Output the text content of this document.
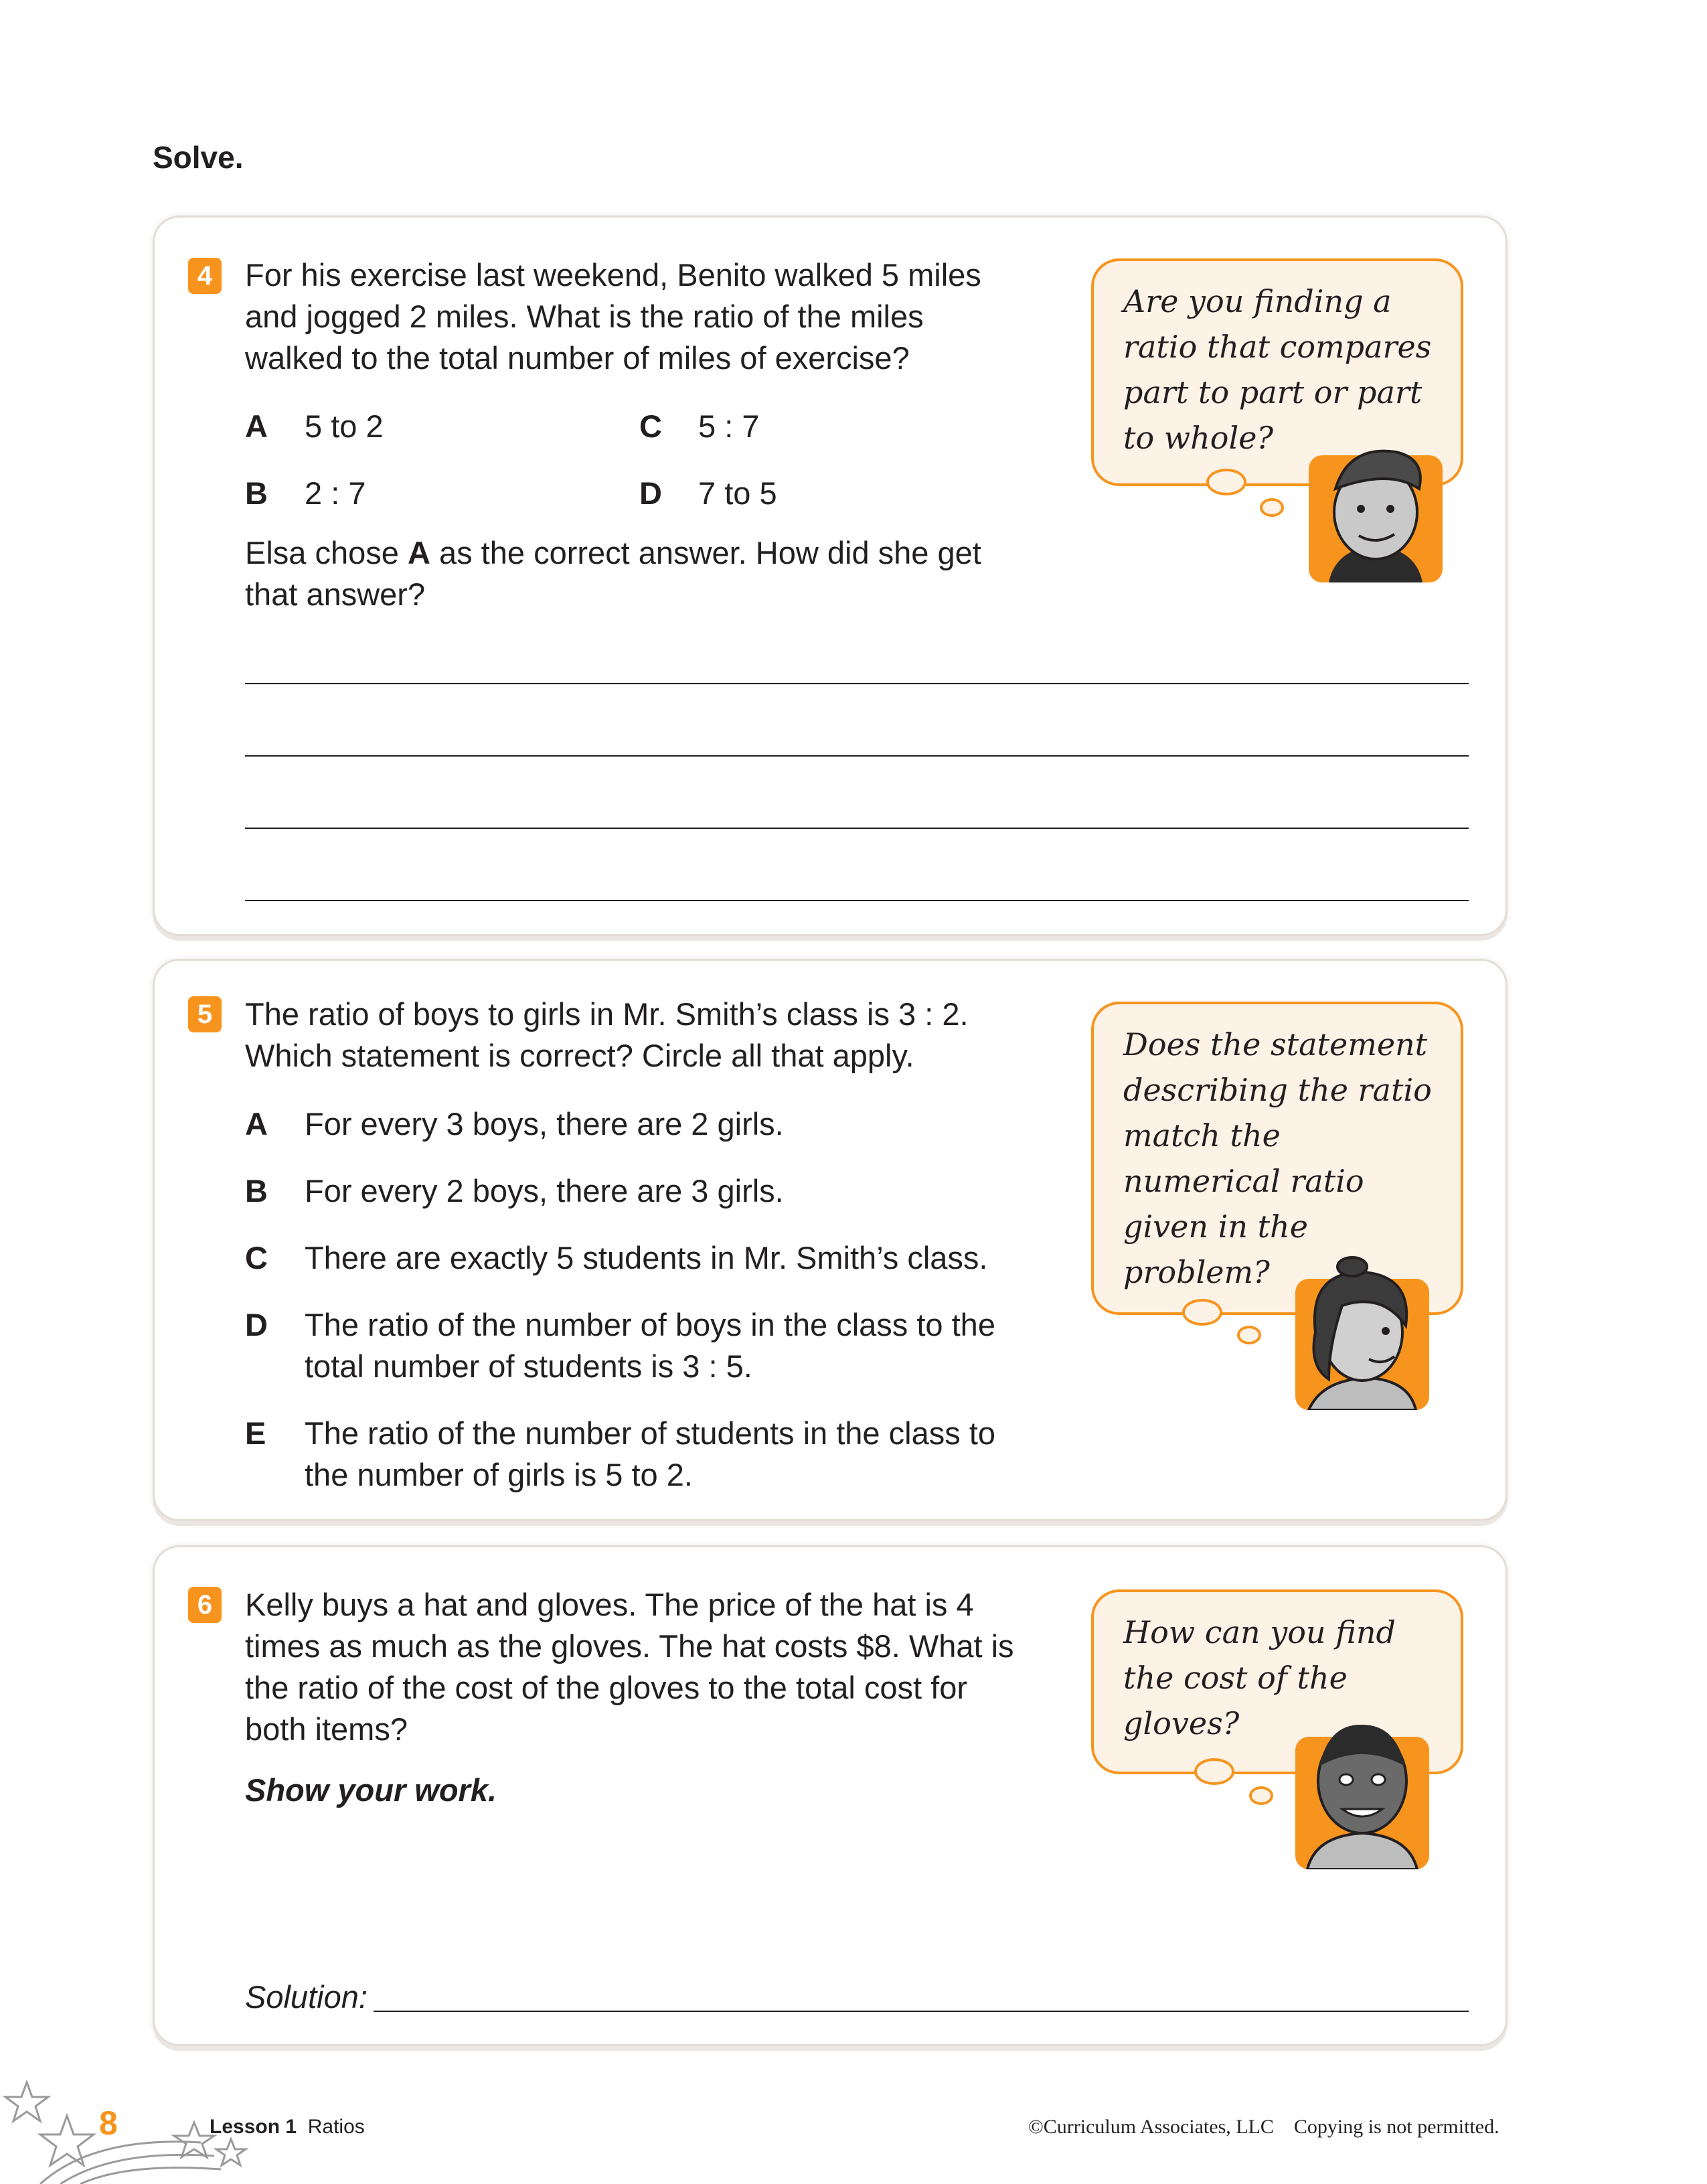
Solve.
4 For his exercise last weekend, Benito walked 5 miles and jogged 2 miles. What is the ratio of the miles walked to the total number of miles of exercise?
A 5 to 2	C 5 : 7
B 2 : 7	D 7 to 5
Elsa chose A as the correct answer. How did she get that answer?
Are you finding a ratio that compares part to part or part to whole?
5 The ratio of boys to girls in Mr. Smith’s class is 3 : 2. Which statement is correct? Circle all that apply.
A For every 3 boys, there are 2 girls.
B For every 2 boys, there are 3 girls.
C There are exactly 5 students in Mr. Smith’s class.
D The ratio of the number of boys in the class to the total number of students is 3 : 5.
E The ratio of the number of students in the class to the number of girls is 5 to 2.
Does the statement describing the ratio match the numerical ratio given in the problem?
6 Kelly buys a hat and gloves. The price of the hat is 4 times as much as the gloves. The hat costs $8. What is the ratio of the cost of the gloves to the total cost for both items?
Show your work.
Solution:
How can you find the cost of the gloves?
8	Lesson 1 Ratios	©Curriculum Associates, LLC Copying is not permitted.
